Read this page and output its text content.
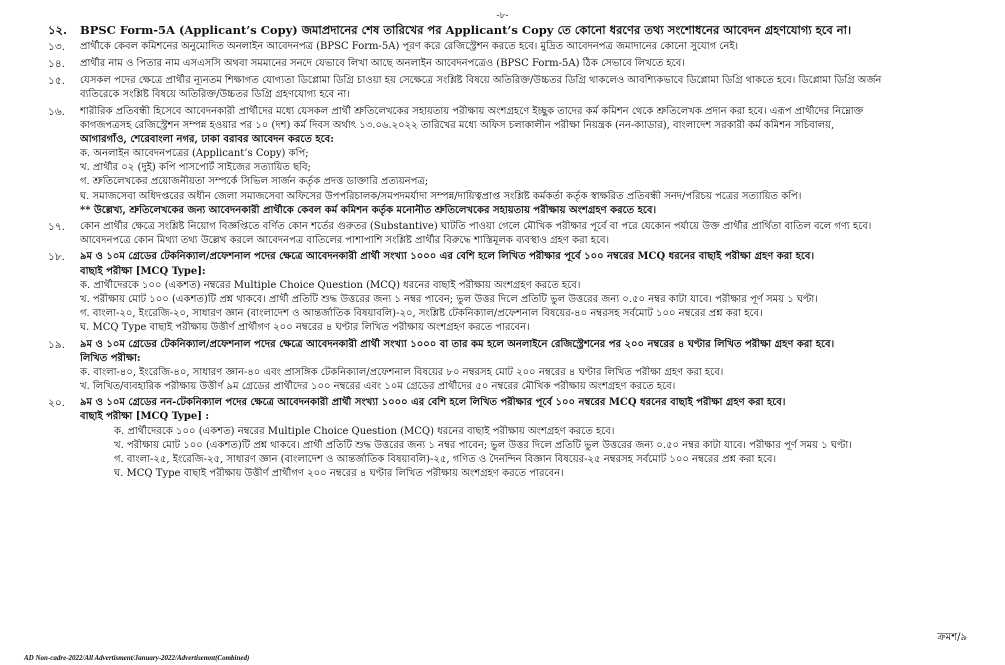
-৮-
১২.	BPSC Form-5A (Applicant’s Copy) জমাপ্রদানের শেষ তারিখের পর Applicant’s Copy তে কোনো ধরণের তথ্য সংশোধনের আবেদন গ্রহণযোগ্য হবে না।
১৩.	প্রার্থীকে কেবল কমিশনের অনুমোদিত অনলাইন আবেদনপত্র (BPSC Form-5A) পূরণ করে রেজিস্ট্রেশন করতে হবে। মুদ্রিত আবেদনপত্র জমাদানের কোনো সুযোগ নেই।
১৪.	প্রার্থীর নাম ও পিতার নাম এসএসসি অথবা সমমানের সনদে যেভাবে লিখা আছে অনলাইন আবেদনপত্রেও (BPSC Form-5A) ঠিক সেভাবে লিখতে হবে।
১৫.	যেসকল পদের ক্ষেত্রে প্রার্থীর ন্যূনতম শিক্ষাগত যোগ্যতা ডিপ্লোমা ডিগ্রি চাওয়া হয় সেক্ষেত্রে সংশ্লিষ্ট বিষয়ে অতিরিক্ত/উচ্চতর ডিগ্রি থাকলেও আবশ্যিকভাবে ডিপ্লোমা ডিগ্রি থাকতে হবে। ডিপ্লোমা ডিগ্রি অর্জন
ব্যতিরেকে সংশ্লিষ্ট বিষয়ে অতিরিক্ত/উচ্চতর ডিগ্রি গ্রহণযোগ্য হবে না।
১৬.	শারীরিক প্রতিবন্ধী হিসেবে আবেদনকারী প্রার্থীদের মধ্যে যেসকল প্রার্থী শ্রুতিলেখকের সহায়তায় পরীক্ষায় অংশগ্রহণে ইচ্ছুক তাদের কর্ম কমিশন থেকে শ্রুতিলেখক প্রদান করা হবে। এরূপ প্রার্থীদের নিম্নোক্ত
কাগজপত্রসহ রেজিস্ট্রেশন সম্পন্ন হওয়ার পর ১০ (দশ) কর্ম দিবস অর্থাৎ ১৩.০৬.২০২২ তারিখের মধ্যে অফিস চলাকালীন পরীক্ষা নিয়ন্ত্রক (নন-ক্যাডার), বাংলাদেশ সরকারী কর্ম কমিশন সচিবালয়,
আগারগাঁও, শেরেবাংলা নগর, ঢাকা বরাবর আবেদন করতে হবে:
ক. অনলাইন আবেদনপত্রের (Applicant’s Copy) কপি;
খ. প্রার্থীর ০২ (দুই) কপি পাসপোর্ট সাইজের সত্যায়িত ছবি;
গ. শ্রুতিলেখকের প্রয়োজনীয়তা সম্পর্কে সিভিল সার্জন কর্তৃক প্রদত্ত ডাক্তারি প্রত্যয়নপত্র;
ঘ. সমাজসেবা অধিদপ্তরের অধীন জেলা সমাজসেবা অফিসের উপপরিচালক/সমপদমর্যাদা সম্পন্ন/দায়িত্বপ্রাপ্ত সংশ্লিষ্ট কর্মকর্তা কর্তৃক স্বাক্ষরিত প্রতিবন্ধী সনদ/পরিচয় পত্রের সত্যায়িত কপি।
** উল্লেখ্য, শ্রুতিলেখকের জন্য আবেদনকারী প্রার্থীকে কেবল কর্ম কমিশন কর্তৃক মনোনীত শ্রুতিলেখকের সহায়তায় পরীক্ষায় অংশগ্রহণ করতে হবে।
১৭.	কোন প্রার্থীর ক্ষেত্রে সংশ্লিষ্ট নিয়োগ বিজ্ঞপ্তিতে বর্ণিত কোন শর্তের গুরুতর (Substantive) ঘাটতি পাওয়া গেলে মৌখিক পরীক্ষার পূর্বে বা পরে যেকোন পর্যায়ে উক্ত প্রার্থীর প্রার্থিতা বাতিল বলে গণ্য হবে।
আবেদনপত্রে কোন মিথ্যা তথ্য উল্লেখ করলে আবেদনপত্র বাতিলের পাশাপাশি সংশ্লিষ্ট প্রার্থীর বিরুদ্ধে শাস্তিমূলক ব্যবস্থাও গ্রহণ করা হবে।
১৮.	৯ম ও ১০ম গ্রেডের টেকনিক্যাল/প্রফেশনাল পদের ক্ষেত্রে আবেদনকারী প্রার্থী সংখ্যা ১০০০ এর বেশি হলে লিখিত পরীক্ষার পূর্বে ১০০ নম্বরের MCQ ধরনের বাছাই পরীক্ষা গ্রহণ করা হবে।
বাছাই পরীক্ষা [MCQ Type]:
ক. প্রার্থীদেরকে ১০০ (একশত) নম্বরের Multiple Choice Question (MCQ) ধরনের বাছাই পরীক্ষায় অংশগ্রহণ করতে হবে।
খ. পরীক্ষায় মোট ১০০ (একশত)টি প্রশ্ন থাকবে। প্রার্থী প্রতিটি শুদ্ধ উত্তরের জন্য ১ নম্বর পাবেন; ভুল উত্তর দিলে প্রতিটি ভুল উত্তরের জন্য ০.৫০ নম্বর কাটা যাবে। পরীক্ষার পূর্ণ সময় ১ ঘণ্টা।
গ. বাংলা-২০, ইংরেজি-২০, সাধারণ জ্ঞান (বাংলাদেশ ও আন্তর্জাতিক বিষয়াবলি)-২০, সংশ্লিষ্ট টেকনিক্যাল/প্রফেশনাল বিষয়ের-৪০ নম্বরসহ সর্বমোট ১০০ নম্বরের প্রশ্ন করা হবে।
ঘ. MCQ Type বাছাই পরীক্ষায় উত্তীর্ণ প্রার্থীগণ ২০০ নম্বরের ৪ ঘণ্টার লিখিত পরীক্ষায় অংশগ্রহণ করতে পারবেন।
১৯.	৯ম ও ১০ম গ্রেডের টেকনিক্যাল/প্রফেশনাল পদের ক্ষেত্রে আবেদনকারী প্রার্থী সংখ্যা ১০০০ বা তার কম হলে অনলাইনে রেজিস্ট্রেশনের পর ২০০ নম্বরের ৪ ঘণ্টার লিখিত পরীক্ষা গ্রহণ করা হবে।
লিখিত পরীক্ষা:
ক. বাংলা-৪০, ইংরেজি-৪০, সাধারণ জ্ঞান-৪০ এবং প্রাসঙ্গিক টেকনিক্যাল/প্রফেশনাল বিষয়ের ৮০ নম্বরসহ মোট ২০০ নম্বরের ৪ ঘণ্টার লিখিত পরীক্ষা গ্রহণ করা হবে।
খ. লিখিত/ব্যবহারিক পরীক্ষায় উত্তীর্ণ ৯ম গ্রেডের প্রার্থীদের ১০০ নম্বরের এবং ১০ম গ্রেডের প্রার্থীদের ৫০ নম্বরের মৌখিক পরীক্ষায় অংশগ্রহণ করতে হবে।
২০.	৯ম ও ১০ম গ্রেডের নন-টেকনিক্যাল পদের ক্ষেত্রে আবেদনকারী প্রার্থী সংখ্যা ১০০০ এর বেশি হলে লিখিত পরীক্ষার পূর্বে ১০০ নম্বরের MCQ ধরনের বাছাই পরীক্ষা গ্রহণ করা হবে।
বাছাই পরীক্ষা [MCQ Type] :
ক. প্রার্থীদেরকে ১০০ (একশত) নম্বরের Multiple Choice Question (MCQ) ধরনের বাছাই পরীক্ষায় অংশগ্রহণ করতে হবে।
খ. পরীক্ষায় মোট ১০০ (একশত)টি প্রশ্ন থাকবে। প্রার্থী প্রতিটি শুদ্ধ উত্তরের জন্য ১ নম্বর পাবেন; ভুল উত্তর দিলে প্রতিটি ভুল উত্তরের জন্য ০.৫০ নম্বর কাটা যাবে। পরীক্ষার পূর্ণ সময় ১ ঘণ্টা।
গ. বাংলা-২৫, ইংরেজি-২৫, সাধারণ জ্ঞান (বাংলাদেশ ও আন্তর্জাতিক বিষয়াবলি)-২৫, গণিত ও দৈনন্দিন বিজ্ঞান বিষয়ের-২৫ নম্বরসহ সর্বমোট ১০০ নম্বরের প্রশ্ন করা হবে।
ঘ. MCQ Type বাছাই পরীক্ষায় উত্তীর্ণ প্রার্থীগণ ২০০ নম্বরের ৪ ঘণ্টার লিখিত পরীক্ষায় অংশগ্রহণ করতে পারবেন।
ক্রমশ/৯
AD Non-cadre-2022/All Advertisment/January-2022/Advertisemnt(Combined)
